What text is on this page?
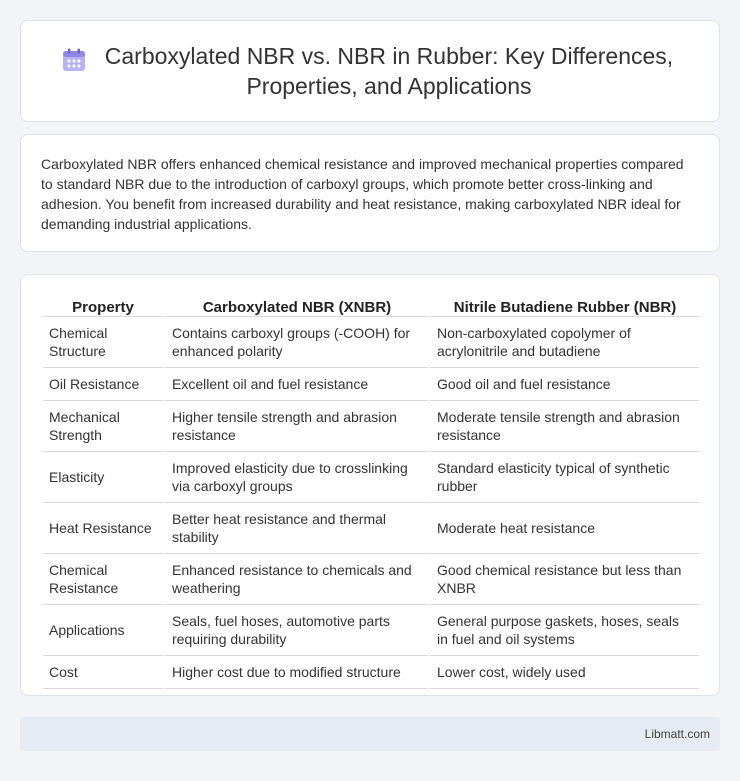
Carboxylated NBR vs. NBR in Rubber: Key Differences, Properties, and Applications

Carboxylated NBR offers enhanced chemical resistance and improved mechanical properties compared to standard NBR due to the introduction of carboxyl groups, which promote better cross-linking and adhesion. You benefit from increased durability and heat resistance, making carboxylated NBR ideal for demanding industrial applications.

Property	Carboxylated NBR (XNBR)	Nitrile Butadiene Rubber (NBR)
Chemical Structure	Contains carboxyl groups (-COOH) for enhanced polarity	Non-carboxylated copolymer of acrylonitrile and butadiene
Oil Resistance	Excellent oil and fuel resistance	Good oil and fuel resistance
Mechanical Strength	Higher tensile strength and abrasion resistance	Moderate tensile strength and abrasion resistance
Elasticity	Improved elasticity due to crosslinking via carboxyl groups	Standard elasticity typical of synthetic rubber
Heat Resistance	Better heat resistance and thermal stability	Moderate heat resistance
Chemical Resistance	Enhanced resistance to chemicals and weathering	Good chemical resistance but less than XNBR
Applications	Seals, fuel hoses, automotive parts requiring durability	General purpose gaskets, hoses, seals in fuel and oil systems
Cost	Higher cost due to modified structure	Lower cost, widely used
Libmatt.com
